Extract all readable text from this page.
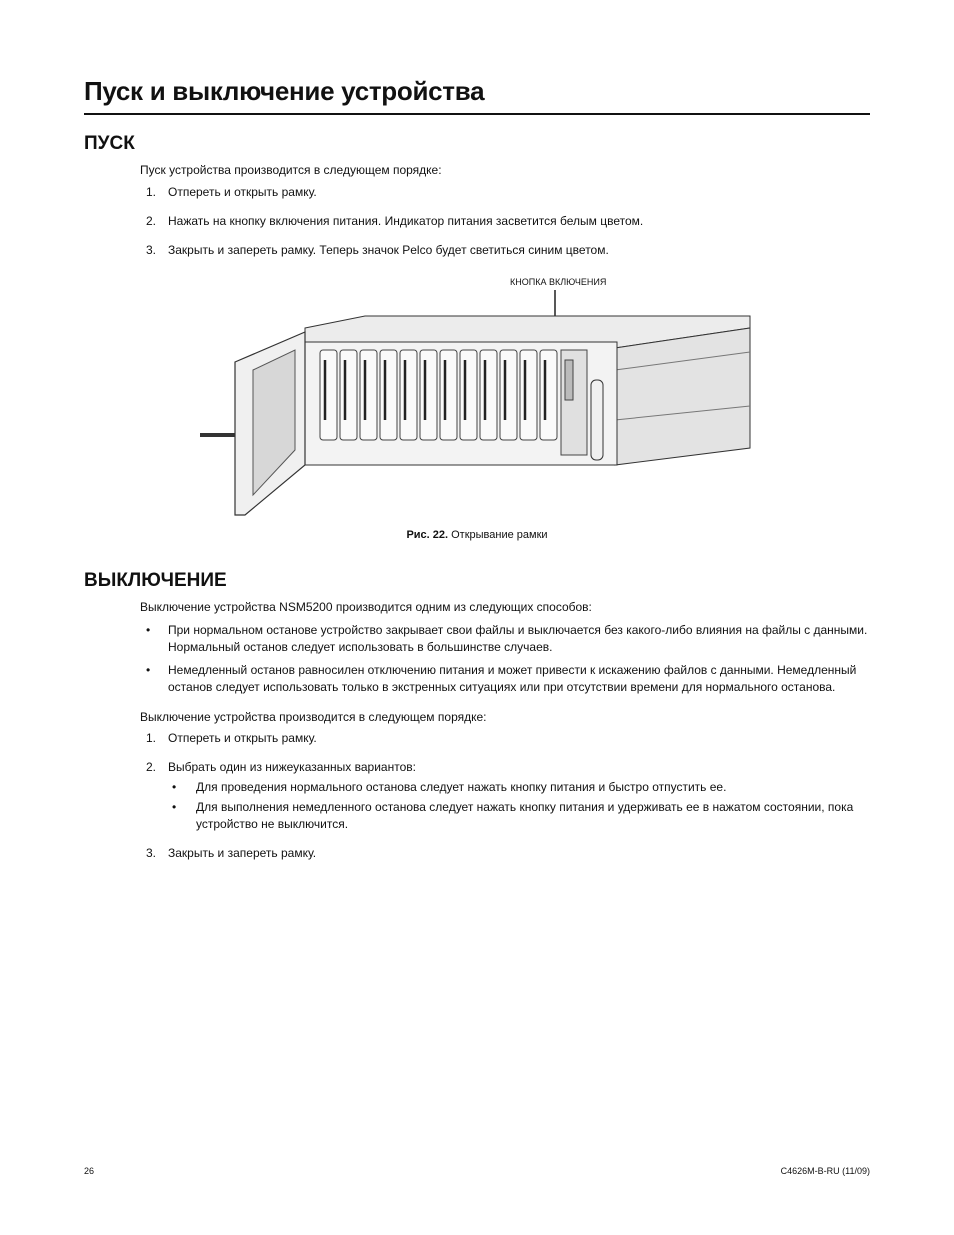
Пуск и выключение устройства
ПУСК

Пуск устройства производится в следующем порядке:

1. Отпереть и открыть рамку.
2. Нажать на кнопку включения питания. Индикатор питания засветится белым цветом.
3. Закрыть и запереть рамку. Теперь значок Pelco будет светиться синим цветом.
КНОПКА ВКЛЮЧЕНИЯ
Рис. 22. Открывание рамки
ВЫКЛЮЧЕНИЕ

Выключение устройства NSM5200 производится одним из следующих способов:

• При нормальном останове устройство закрывает свои файлы и выключается без какого-либо влияния на файлы с данными. Нормальный останов следует использовать в большинстве случаев.
• Немедленный останов равносилен отключению питания и может привести к искажению файлов с данными. Немедленный останов следует использовать только в экстренных ситуациях или при отсутствии времени для нормального останова.

Выключение устройства производится в следующем порядке:

1. Отпереть и открыть рамку.
2. Выбрать один из нижеуказанных вариантов:
• Для проведения нормального останова следует нажать кнопку питания и быстро отпустить ее.
• Для выполнения немедленного останова следует нажать кнопку питания и удерживать ее в нажатом состоянии, пока устройство не выключится.
3. Закрыть и запереть рамку.
26	C4626M-B-RU (11/09)
